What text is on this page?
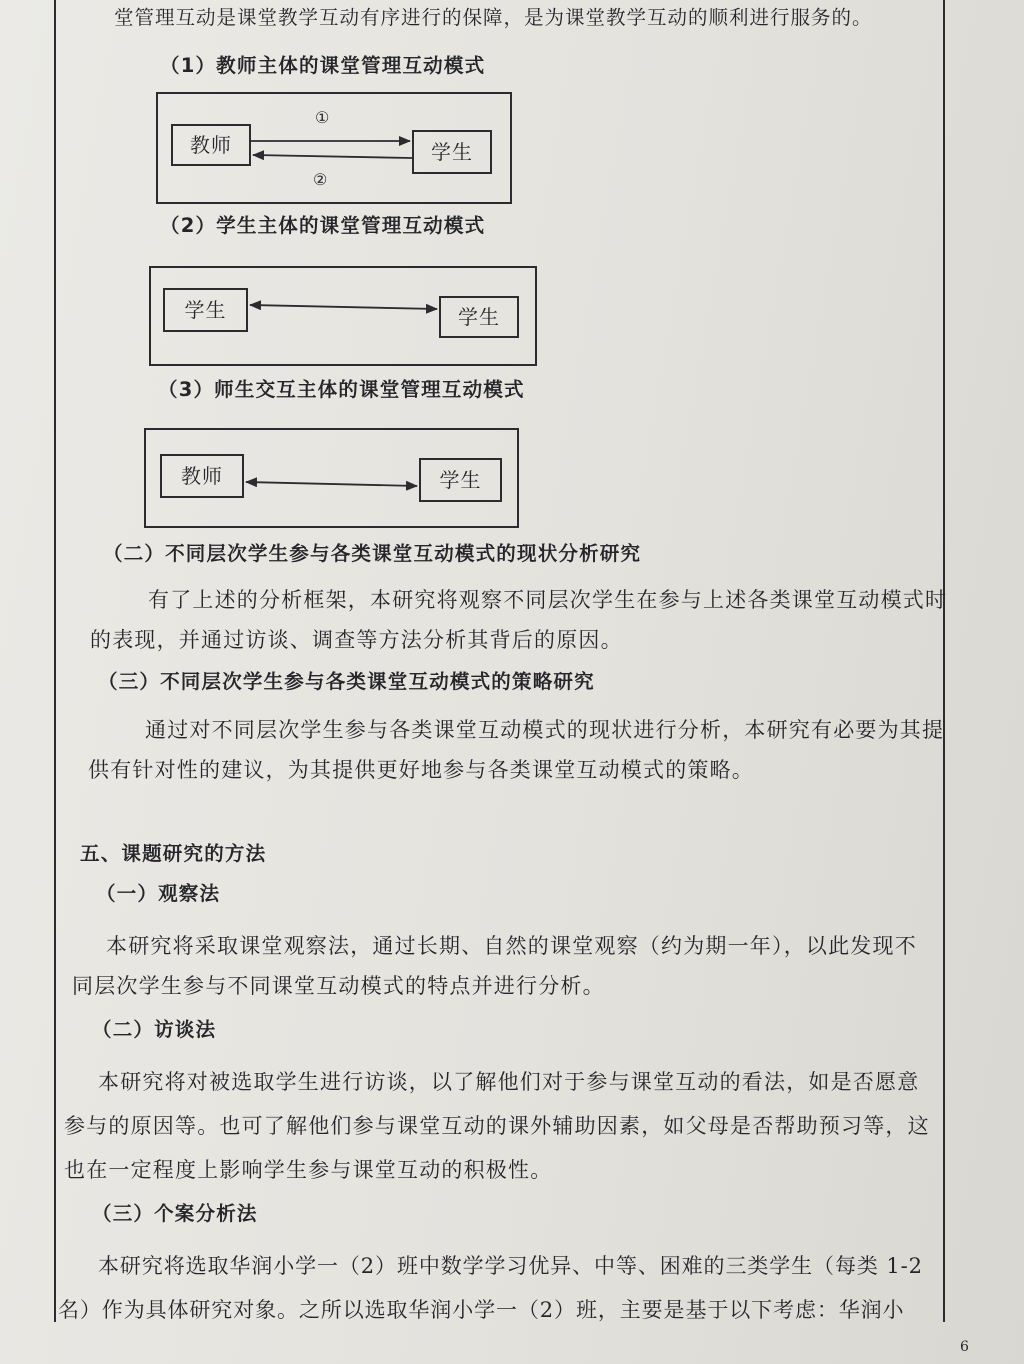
堂管理互动是课堂教学互动有序进行的保障，是为课堂教学互动的顺利进行服务的。
（1）教师主体的课堂管理互动模式
教师	学生
①
②
（2）学生主体的课堂管理互动模式
学生	学生
（3）师生交互主体的课堂管理互动模式
教师	学生
（二）不同层次学生参与各类课堂互动模式的现状分析研究
有了上述的分析框架，本研究将观察不同层次学生在参与上述各类课堂互动模式时
的表现，并通过访谈、调查等方法分析其背后的原因。
（三）不同层次学生参与各类课堂互动模式的策略研究
通过对不同层次学生参与各类课堂互动模式的现状进行分析，本研究有必要为其提
供有针对性的建议，为其提供更好地参与各类课堂互动模式的策略。
五、课题研究的方法
（一）观察法
本研究将采取课堂观察法，通过长期、自然的课堂观察（约为期一年），以此发现不
同层次学生参与不同课堂互动模式的特点并进行分析。
（二）访谈法
本研究将对被选取学生进行访谈，以了解他们对于参与课堂互动的看法，如是否愿意
参与的原因等。也可了解他们参与课堂互动的课外辅助因素，如父母是否帮助预习等，这
也在一定程度上影响学生参与课堂互动的积极性。
（三）个案分析法
本研究将选取华润小学一（2）班中数学学习优异、中等、困难的三类学生（每类 1-2
名）作为具体研究对象。之所以选取华润小学一（2）班，主要是基于以下考虑：华润小
6
